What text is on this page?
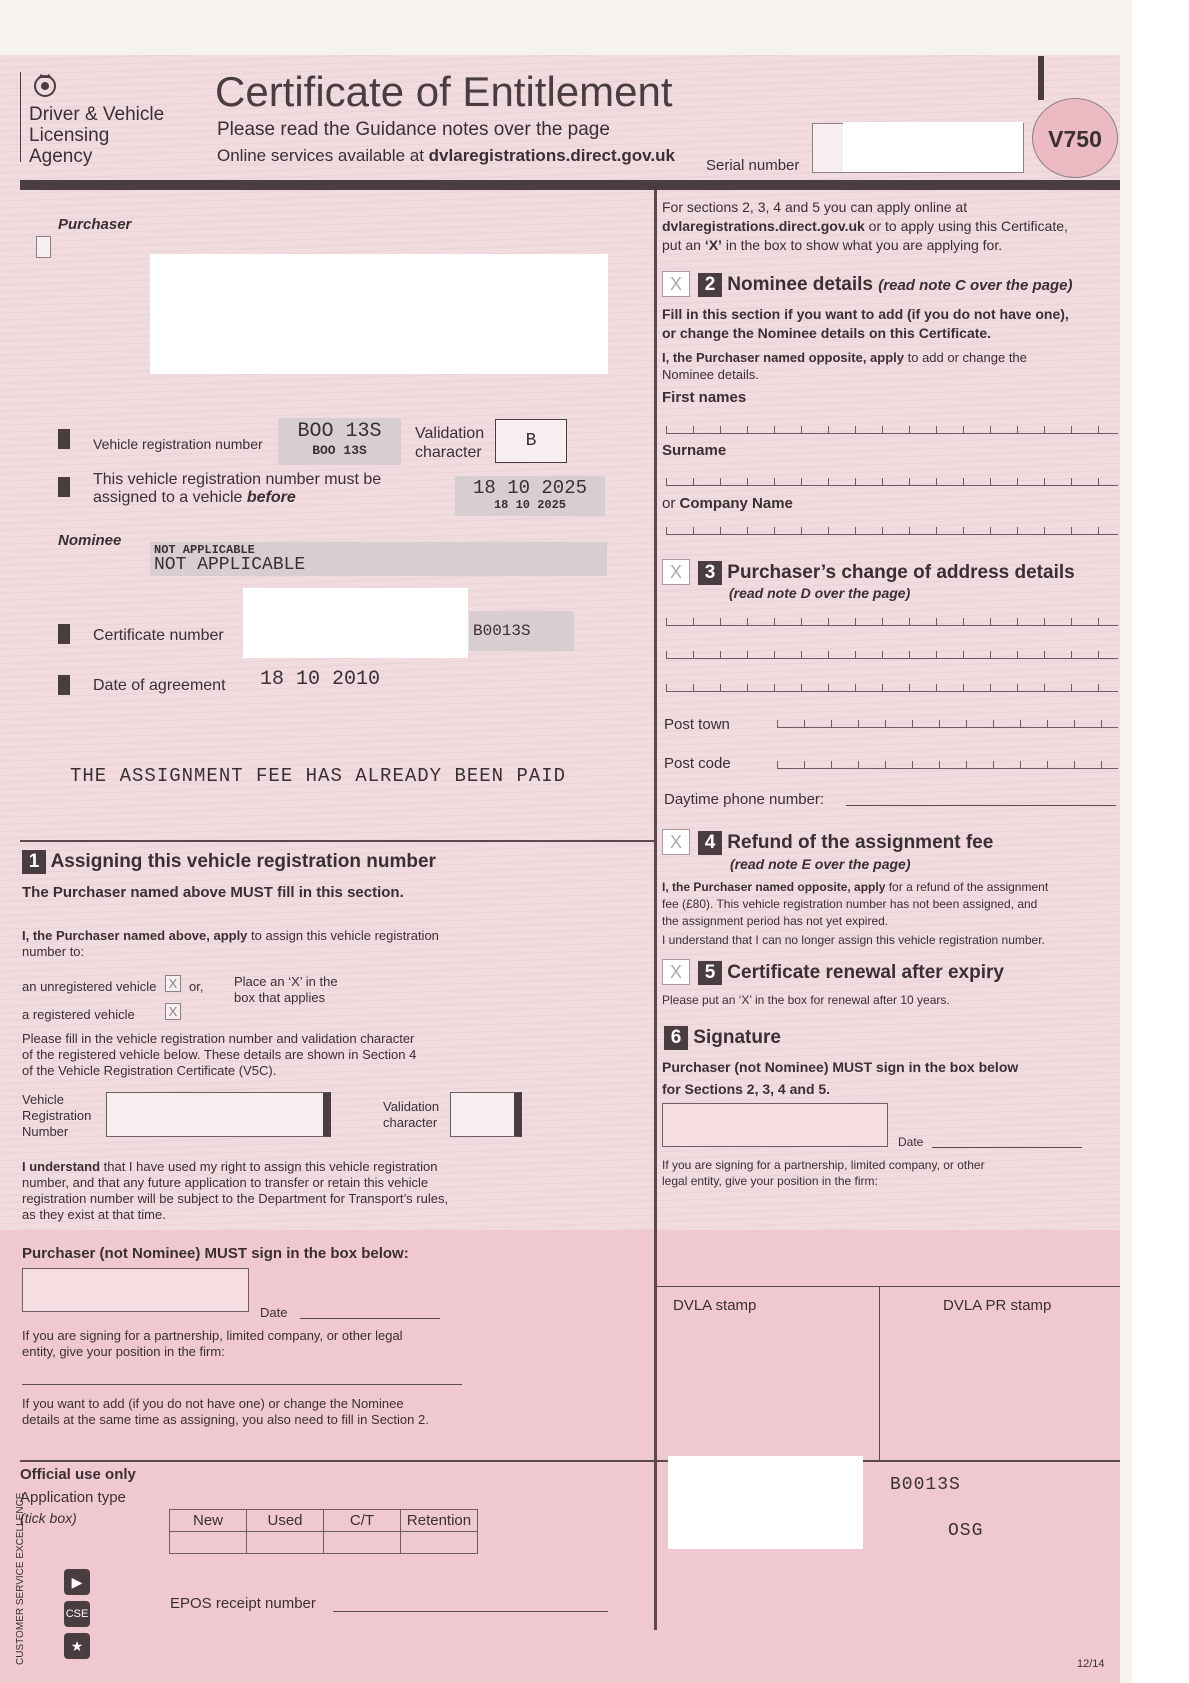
Driver & Vehicle
Licensing
Agency
Certificate of Entitlement
Please read the Guidance notes over the page
Online services available at dvlaregistrations.direct.gov.uk
Serial number
V750
Purchaser
Vehicle registration number
BOO 13S
BOO 13S
Validation
character
B
This vehicle registration number must be
assigned to a vehicle before	18 10 2025
18 10 2025
Nominee
NOT APPLICABLE
NOT APPLICABLE
Certificate number	B0013S
Date of agreement 18 10 2010
THE ASSIGNMENT FEE HAS ALREADY BEEN PAID
1 Assigning this vehicle registration number
The Purchaser named above MUST fill in this section.
I, the Purchaser named above, apply to assign this vehicle registration
number to:
an unregistered vehicle X or,
a registered vehicle	X
Place an ‘X’ in the
box that applies
Please fill in the vehicle registration number and validation character
of the registered vehicle below. These details are shown in Section 4
of the Vehicle Registration Certificate (V5C).
Vehicle
Registration
Number
Validation
character
I understand that I have used my right to assign this vehicle registration
number, and that any future application to transfer or retain this vehicle
registration number will be subject to the Department for Transport’s rules,
as they exist at that time.
Purchaser (not Nominee) MUST sign in the box below:
Date
If you are signing for a partnership, limited company, or other legal
entity, give your position in the firm:
If you want to add (if you do not have one) or change the Nominee
details at the same time as assigning, you also need to fill in Section 2.
Official use only
Application type
(tick box)	New	Used	C/T	Retention

EPOS receipt number
CUSTOMER SERVICE EXCELLENCE	▶
CSE
★
For sections 2, 3, 4 and 5 you can apply online at
dvlaregistrations.direct.gov.uk or to apply using this Certificate,
put an ‘X’ in the box to show what you are applying for.
X	2 Nominee details (read note C over the page)
Fill in this section if you want to add (if you do not have one),
or change the Nominee details on this Certificate.
I, the Purchaser named opposite, apply to add or change the
Nominee details.
First names
Surname
or Company Name
X	3 Purchaser’s change of address details
(read note D over the page)
Post town
Post code
Daytime phone number:
X	4 Refund of the assignment fee
(read note E over the page)
I, the Purchaser named opposite, apply for a refund of the assignment
fee (£80). This vehicle registration number has not been assigned, and
the assignment period has not yet expired.
I understand that I can no longer assign this vehicle registration number.
X	5 Certificate renewal after expiry
Please put an ‘X’ in the box for renewal after 10 years.
6 Signature
Purchaser (not Nominee) MUST sign in the box below
for Sections 2, 3, 4 and 5.
Date
If you are signing for a partnership, limited company, or other
legal entity, give your position in the firm:
DVLA stamp	DVLA PR stamp
B0013S
OSG
12/14
